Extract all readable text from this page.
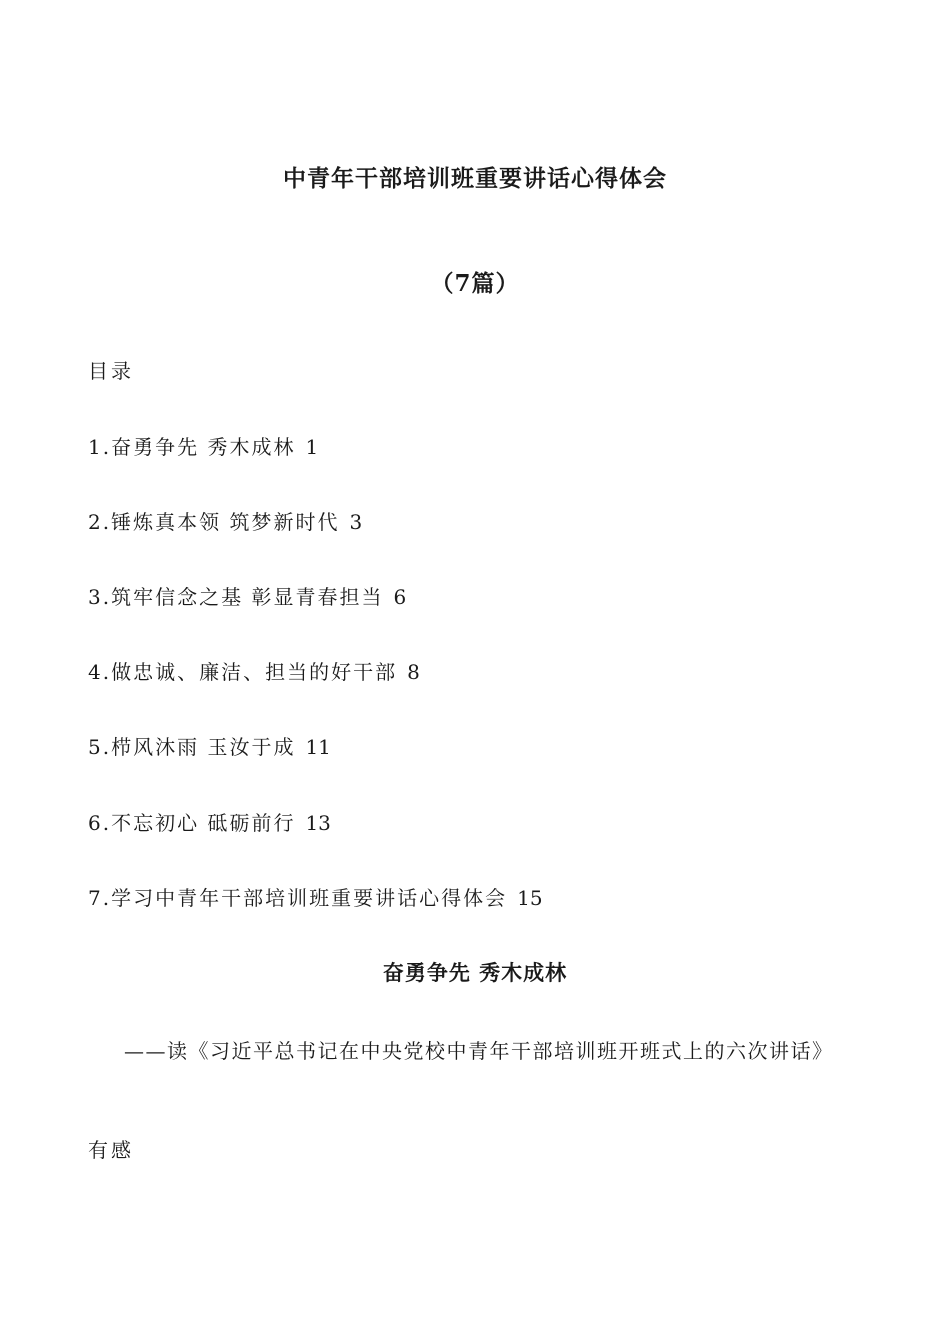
中青年干部培训班重要讲话心得体会
（7篇）
目录
1.奋勇争先 秀木成林 1
2.锤炼真本领 筑梦新时代 3
3.筑牢信念之基 彰显青春担当 6
4.做忠诚、廉洁、担当的好干部 8
5.栉风沐雨 玉汝于成 11
6.不忘初心 砥砺前行 13
7.学习中青年干部培训班重要讲话心得体会 15
奋勇争先 秀木成林
——读《习近平总书记在中央党校中青年干部培训班开班式上的六次讲话》
有感
